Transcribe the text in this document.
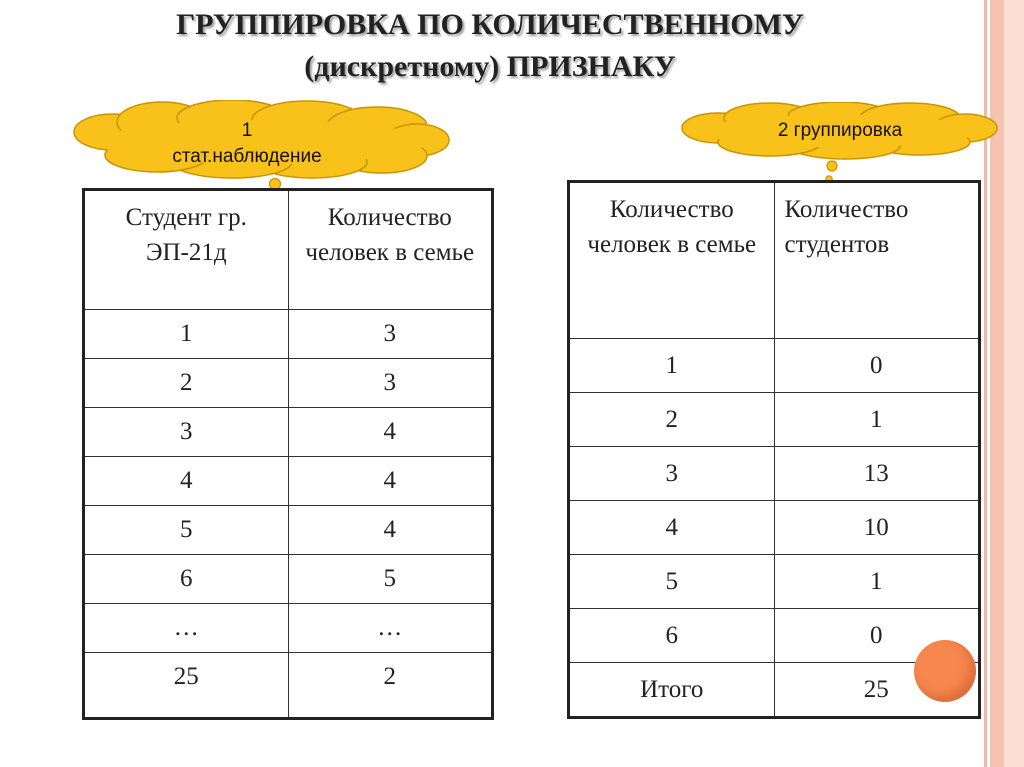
ГРУППИРОВКА ПО КОЛИЧЕСТВЕННОМУ
(дискретному) ПРИЗНАКУ
1
стат.наблюдение
2 группировка
Студент гр. ЭП-21д	Количество человек в семье
1	3
2	3
3	4
4	4
5	4
6	5
…	…
25	2
Количество человек в семье	Количество студентов
1	0
2	1
3	13
4	10
5	1
6	0
Итого	25
